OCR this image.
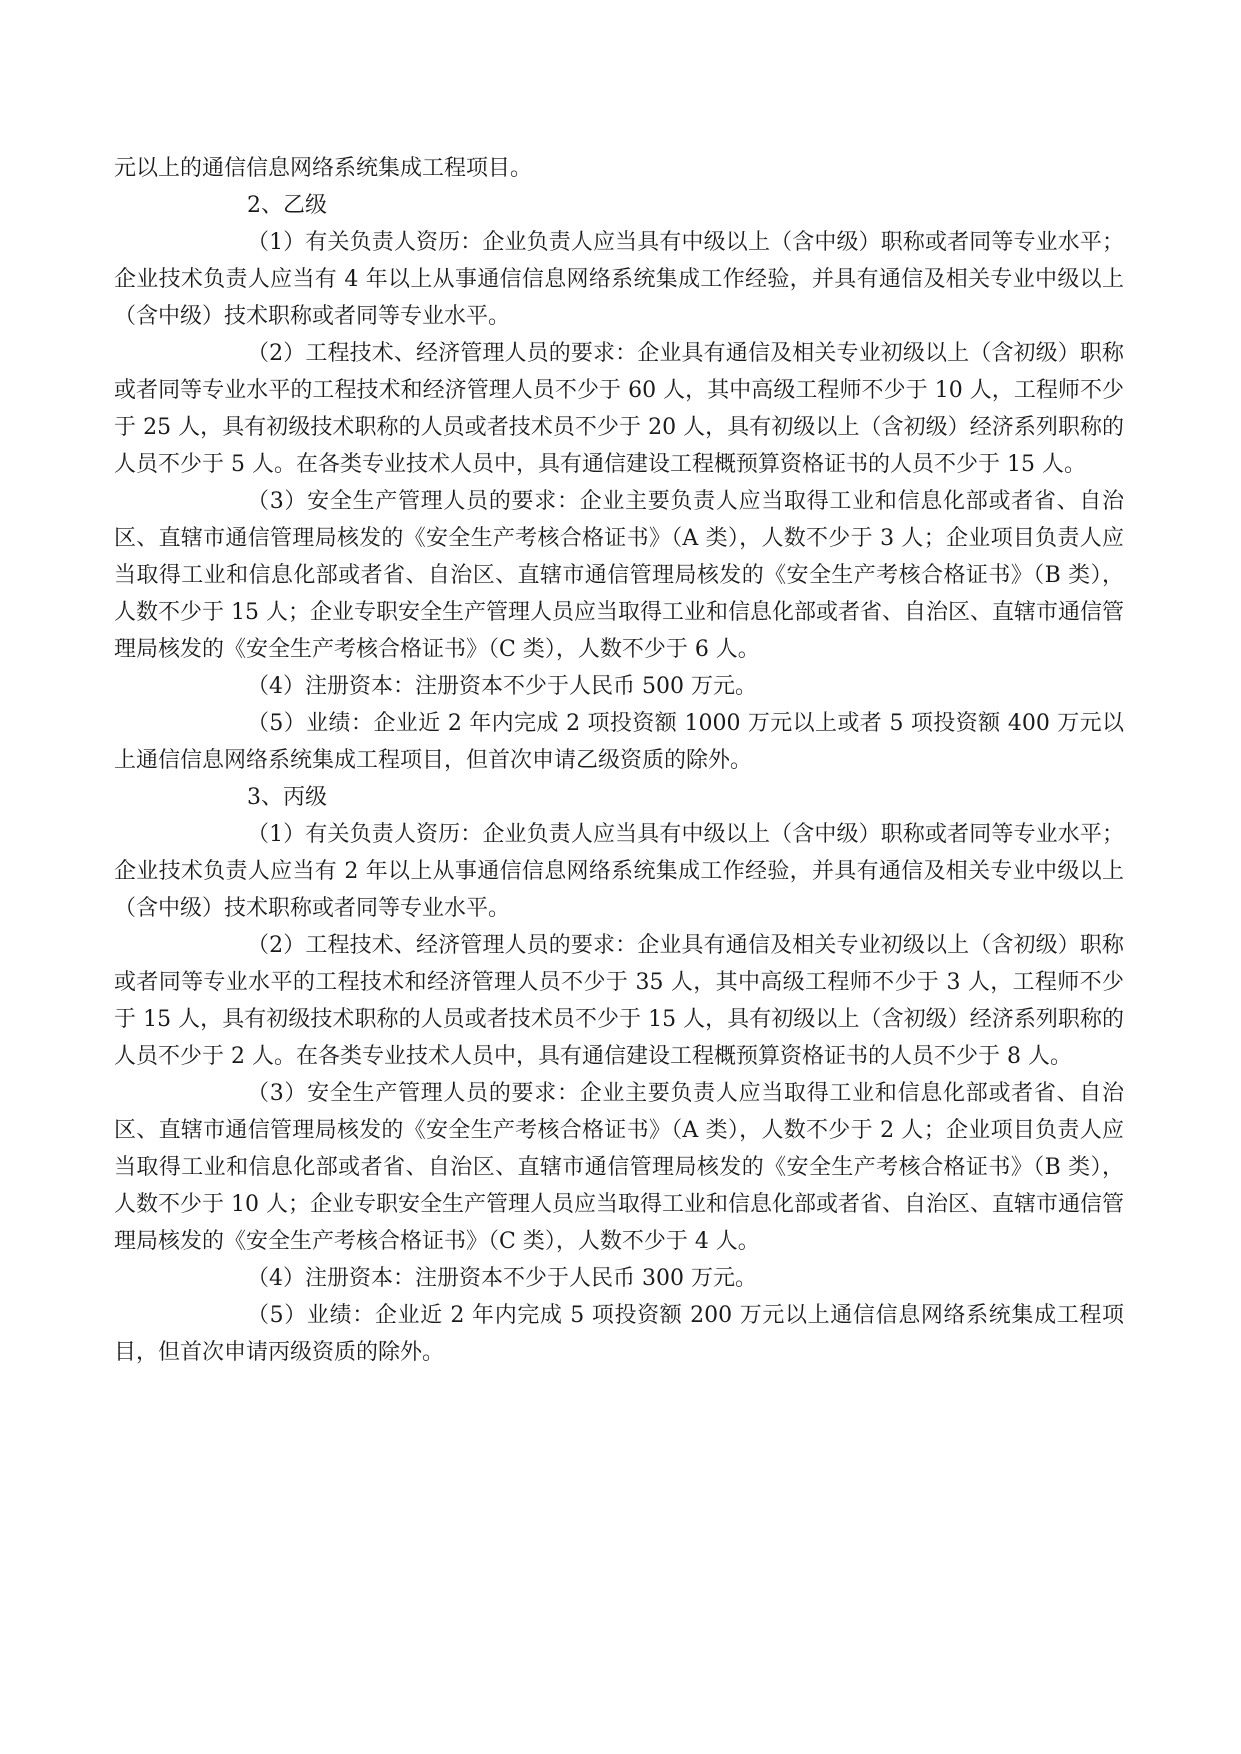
元以上的通信信息网络系统集成工程项目。

2、乙级

（1）有关负责人资历：企业负责人应当具有中级以上（含中级）职称或者同等专业水平；企业技术负责人应当有 4 年以上从事通信信息网络系统集成工作经验，并具有通信及相关专业中级以上（含中级）技术职称或者同等专业水平。

（2）工程技术、经济管理人员的要求：企业具有通信及相关专业初级以上（含初级）职称或者同等专业水平的工程技术和经济管理人员不少于 60 人，其中高级工程师不少于 10 人，工程师不少于 25 人，具有初级技术职称的人员或者技术员不少于 20 人，具有初级以上（含初级）经济系列职称的人员不少于 5 人。在各类专业技术人员中，具有通信建设工程概预算资格证书的人员不少于 15 人。

（3）安全生产管理人员的要求：企业主要负责人应当取得工业和信息化部或者省、自治区、直辖市通信管理局核发的《安全生产考核合格证书》（A 类），人数不少于 3 人；企业项目负责人应当取得工业和信息化部或者省、自治区、直辖市通信管理局核发的《安全生产考核合格证书》（B 类），人数不少于 15 人；企业专职安全生产管理人员应当取得工业和信息化部或者省、自治区、直辖市通信管理局核发的《安全生产考核合格证书》（C 类），人数不少于 6 人。

（4）注册资本：注册资本不少于人民币 500 万元。

（5）业绩：企业近 2 年内完成 2 项投资额 1000 万元以上或者 5 项投资额 400 万元以上通信信息网络系统集成工程项目，但首次申请乙级资质的除外。

3、丙级

（1）有关负责人资历：企业负责人应当具有中级以上（含中级）职称或者同等专业水平；企业技术负责人应当有 2 年以上从事通信信息网络系统集成工作经验，并具有通信及相关专业中级以上（含中级）技术职称或者同等专业水平。

（2）工程技术、经济管理人员的要求：企业具有通信及相关专业初级以上（含初级）职称或者同等专业水平的工程技术和经济管理人员不少于 35 人，其中高级工程师不少于 3 人，工程师不少于 15 人，具有初级技术职称的人员或者技术员不少于 15 人，具有初级以上（含初级）经济系列职称的人员不少于 2 人。在各类专业技术人员中，具有通信建设工程概预算资格证书的人员不少于 8 人。

（3）安全生产管理人员的要求：企业主要负责人应当取得工业和信息化部或者省、自治区、直辖市通信管理局核发的《安全生产考核合格证书》（A 类），人数不少于 2 人；企业项目负责人应当取得工业和信息化部或者省、自治区、直辖市通信管理局核发的《安全生产考核合格证书》（B 类），人数不少于 10 人；企业专职安全生产管理人员应当取得工业和信息化部或者省、自治区、直辖市通信管理局核发的《安全生产考核合格证书》（C 类），人数不少于 4 人。

（4）注册资本：注册资本不少于人民币 300 万元。

（5）业绩：企业近 2 年内完成 5 项投资额 200 万元以上通信信息网络系统集成工程项目，但首次申请丙级资质的除外。
